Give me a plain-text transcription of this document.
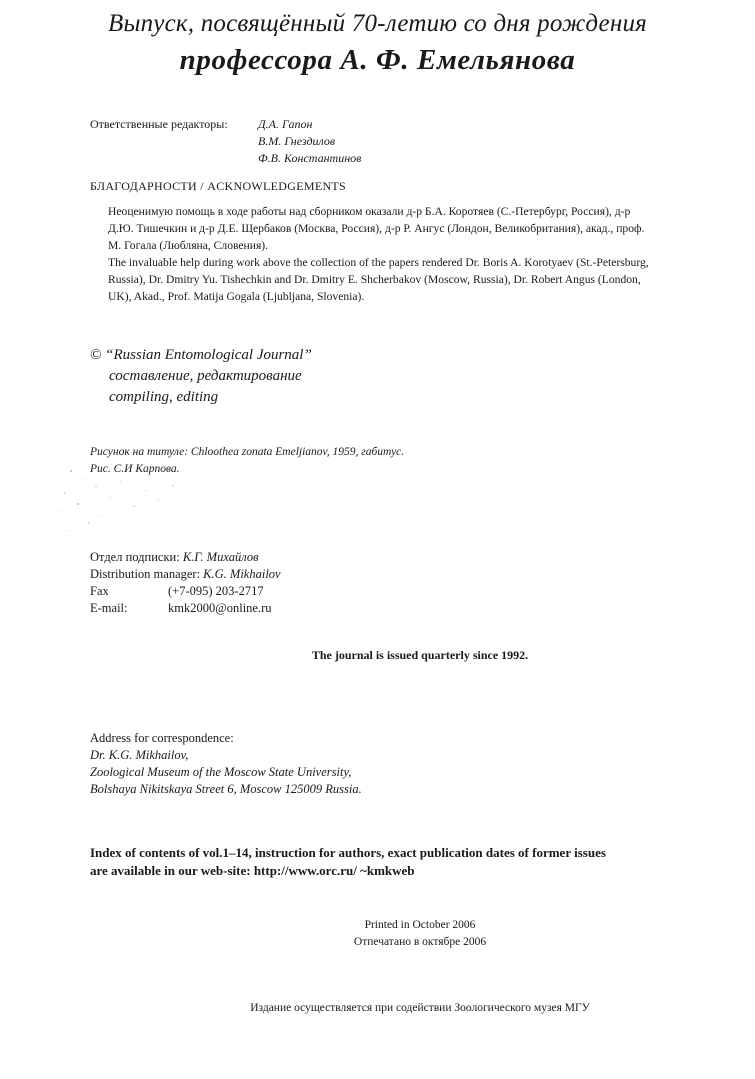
Выпуск, посвящённый 70-летию со дня рождения
профессора А. Ф. Емельянова
Ответственные редакторы:	Д.А. Гапон
В.М. Гнездилов
Ф.В. Константинов
БЛАГОДАРНОСТИ / ACKNOWLEDGEMENTS

Неоценимую помощь в ходе работы над сборником оказали д-р Б.А. Коротяев (С.-Петербург, Россия), д-р

Д.Ю. Тишечкин и д-р Д.Е. Щербаков (Москва, Россия), д-р Р. Ангус (Лондон, Великобритания), акад., проф.

М. Гогала (Любляна, Словения).

The invaluable help during work above the collection of the papers rendered Dr. Boris A. Korotyaev (St.-Petersburg,

Russia), Dr. Dmitry Yu. Tishechkin and Dr. Dmitry E. Shcherbakov (Moscow, Russia), Dr. Robert Angus (London,

UK), Akad., Prof. Matija Gogala (Ljubljana, Slovenia).

© “Russian Entomological Journal”
составление, редактирование
compiling, editing
Рисунок на титуле: Chloothea zonata Emeljianov, 1959, габитус.
Рис. С.И Карпова.
Отдел подписки: К.Г. Михайлов
Distribution manager: K.G. Mikhailov
Fax	(+7-095) 203-2717
E-mail:	kmk2000@online.ru
The journal is issued quarterly since 1992.
Address for correspondence:
Dr. K.G. Mikhailov,
Zoological Museum of the Moscow State University,
Bolshaya Nikitskaya Street 6, Moscow 125009 Russia.
Index of contents of vol.1–14, instruction for authors, exact publication dates of former issues
are available in our web-site: http://www.orc.ru/ ~kmkweb
Printed in October 2006
Отпечатано в октябре 2006
Издание осуществляется при содействии Зоологического музея МГУ
